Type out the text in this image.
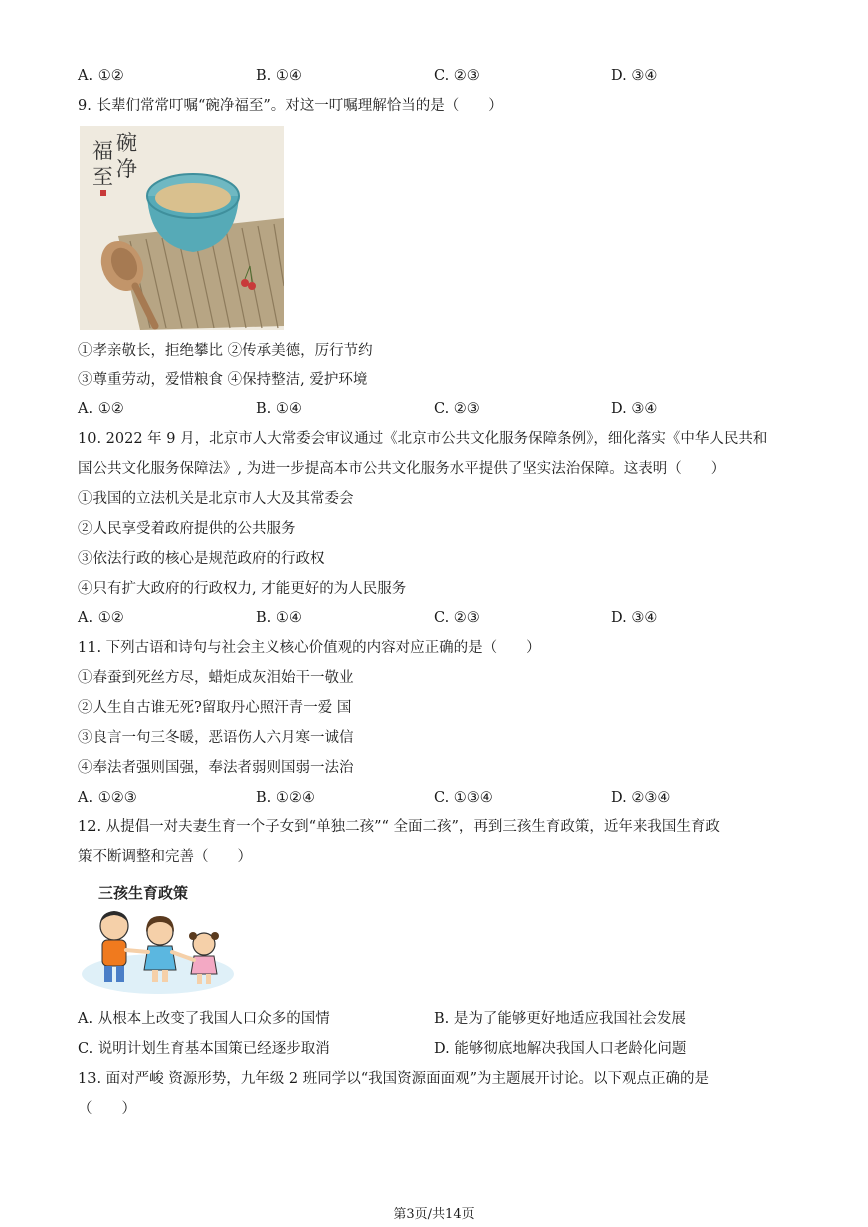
A. ①②	B. ①④	C. ②③	D. ③④
9. 长辈们常常叮嘱“碗净福至”。对这一叮嘱理解恰当的是（　　）
碗
净
福
至
①孝亲敬长，拒绝攀比 ②传承美德，厉行节约
③尊重劳动，爱惜粮食 ④保持整洁, 爱护环境
A. ①②	B. ①④	C. ②③	D. ③④
10. 2022 年 9 月，北京市人大常委会审议通过《北京市公共文化服务保障条例》，细化落实《中华人民共和
国公共文化服务保障法》, 为进一步提高本市公共文化服务水平提供了坚实法治保障。这表明（　　）
①我国的立法机关是北京市人大及其常委会
②人民享受着政府提供的公共服务
③依法行政的核心是规范政府的行政权
④只有扩大政府的行政权力, 才能更好的为人民服务
A. ①②	B. ①④	C. ②③	D. ③④
11. 下列古语和诗句与社会主义核心价值观的内容对应正确的是（　　）
①春蚕到死丝方尽，蜡炬成灰泪始干一敬业
②人生自古谁无死?留取丹心照汗青一爱 国
③良言一句三冬暖，恶语伤人六月寒一诚信
④奉法者强则国强，奉法者弱则国弱一法治
A. ①②③	B. ①②④	C. ①③④	D. ②③④
12. 从提倡一对夫妻生育一个子女到“单独二孩”“ 全面二孩”，再到三孩生育政策，近年来我国生育政
策不断调整和完善（　　）
三孩生育政策
A. 从根本上改变了我国人口众多的国情	B. 是为了能够更好地适应我国社会发展
C. 说明计划生育基本国策已经逐步取消	D. 能够彻底地解决我国人口老龄化问题
13. 面对严峻 资源形势，九年级 2 班同学以“我国资源面面观”为主题展开讨论。以下观点正确的是
（　　）
第3页/共14页
